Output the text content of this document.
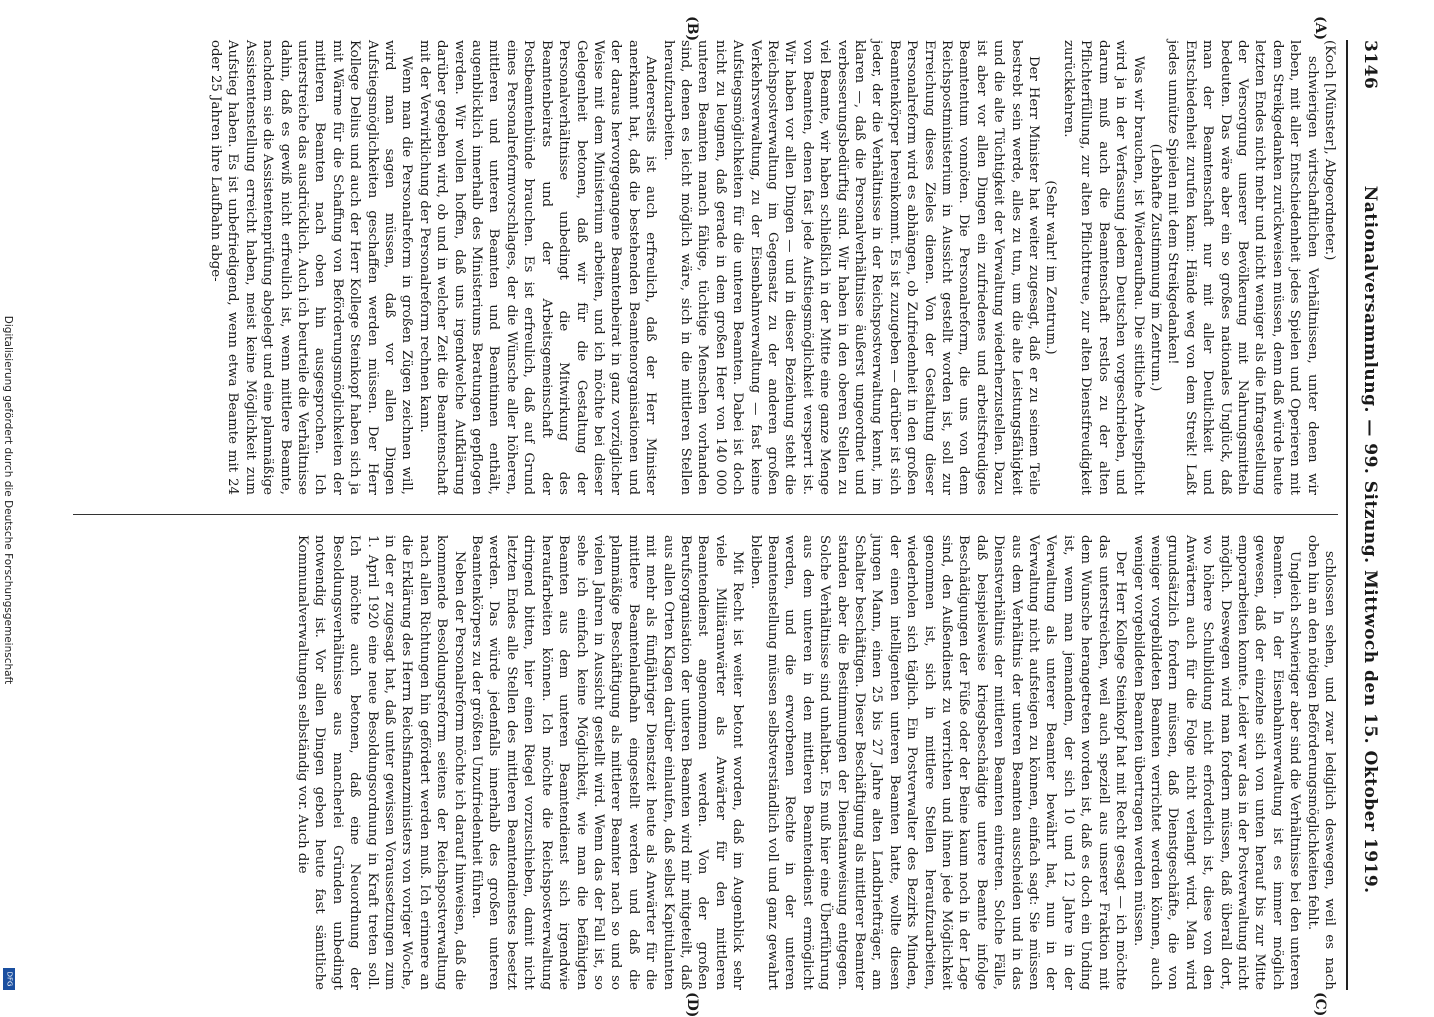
3146
Nationalversammlung. — 99. Sitzung. Mittwoch den 15. Oktober 1919.

(Koch [Münster], Abgeordneter.)

schwierigen wirtschaftlichen Verhältnissen, unter denen wir leben, mit aller Entschiedenheit jedes Spielen und Operieren mit dem Streikgedanken zurückweisen müssen, denn daß würde heute letzten Endes nicht mehr und nicht weniger als die Infragestellung der Versorgung unserer Bevölkerung mit Nahrungsmitteln bedeuten. Das wäre aber ein so großes nationales Unglück, daß man der Beamtenschaft nur mit aller Deutlichkeit und Entschiedenheit zurufen kann: Hände weg von dem Streik! Laßt jedes unnütze Spielen mit dem Streikgedanken!

(Lebhafte Zustimmung im Zentrum.)

Was wir brauchen, ist Wiederaufbau. Die sittliche Arbeitspflicht wird ja in der Verfassung jedem Deutschen vorgeschrieben, und darum muß auch die Beamtenschaft restlos zu der alten Pflichterfüllung, zur alten Pflichttreue, zur alten Dienstfreudigkeit zurückkehren.

(Sehr wahr! im Zentrum.)

Der Herr Minister hat weiter zugesagt, daß er zu seinem Teile bestrebt sein werde, alles zu tun, um die alte Leistungsfähigkeit und die alte Tüchtigkeit der Verwaltung wiederherzustellen. Dazu ist aber vor allen Dingen ein zufriedenes und arbeitsfreudiges Beamtentum vonnöten. Die Personalreform, die uns von dem Reichspostministerium in Aussicht gestellt worden ist, soll zur Erreichung dieses Zieles dienen. Von der Gestaltung dieser Personalreform wird es abhängen, ob Zufriedenheit in den großen Beamtenkörper hereinkommt. Es ist zuzugeben — darüber ist sich jeder, der die Verhältnisse in der Reichspostverwaltung kennt, im klaren —, daß die Personalverhältnisse äußerst ungeordnet und verbesserungsbedürftig sind. Wir haben in den oberen Stellen zu viel Beamte, wir haben schließlich in der Mitte eine ganze Menge von Beamten, denen fast jede Aufstiegsmöglichkeit versperrt ist. Wir haben vor allen Dingen — und in dieser Beziehung steht die Reichspostverwaltung im Gegensatz zu der anderen großen Verkehrsverwaltung, zu der Eisenbahnverwaltung — fast keine Aufstiegsmöglichkeiten für die unteren Beamten. Dabei ist doch nicht zu leugnen, daß gerade in dem großen Heer von 140 000 unteren Beamten manch fähige, tüchtige Menschen vorhanden sind, denen es leicht möglich wäre, sich in die mittleren Stellen heraufzuarbeiten.

Andererseits ist auch erfreulich, daß der Herr Minister anerkannt hat, daß die bestehenden Beamtenorganisationen und der daraus hervorgegangene Beamtenbeirat in ganz vorzüglicher Weise mit dem Ministerium arbeiten, und ich möchte bei dieser Gelegenheit betonen, daß wir für die Gestaltung der Personalverhältnisse unbedingt die Mitwirkung des Beamtenbeirats und der Arbeitsgemeinschaft der Postbeamtenbünde brauchen. Es ist erfreulich, daß auf Grund eines Personalreformvorschlages, der die Wünsche aller höheren, mittleren und unteren Beamten und Beamtinnen enthält, augenblicklich innerhalb des Ministeriums Beratungen gepflogen werden. Wir wollen hoffen, daß uns irgendwelche Aufklärung darüber gegeben wird, ob und in welcher Zeit die Beamtenschaft mit der Verwirklichung der Personalreform rechnen kann.

Wenn man die Personalreform in großen Zügen zeichnen will, wird man sagen müssen, daß vor allen Dingen Aufstiegsmöglichkeiten geschaffen werden müssen. Der Herr Kollege Delius und auch der Herr Kollege Steinkopf haben sich ja mit Wärme für die Schaffung von Beförderungsmöglichkeiten der mittleren Beamten nach oben hin ausgesprochen. Ich unterstreiche das ausdrücklich. Auch ich beurteile die Verhältnisse dahin, daß es gewiß nicht erfreulich ist, wenn mittlere Beamte, nachdem sie die Assistentenprüfung abgelegt und eine planmäßige Assistentenstellung erreicht haben, meist keine Möglichkeit zum Aufstieg haben. Es ist unbefriedigend, wenn etwa Beamte mit 24 oder 25 Jahren ihre Laufbahn abge-

schlossen sehen, und zwar lediglich deswegen, weil es nach oben hin an den nötigen Beförderungsmöglichkeiten fehlt.

Ungleich schwieriger aber sind die Verhältnisse bei den unteren Beamten. In der Eisenbahnverwaltung ist es immer möglich gewesen, daß der einzelne sich von unten herauf bis zur Mitte emporarbeiten konnte. Leider war das in der Postverwaltung nicht möglich. Deswegen wird man fordern müssen, daß überall dort, wo höhere Schulbildung nicht erforderlich ist, diese von den Anwärtern auch für die Folge nicht verlangt wird. Man wird grundsätzlich fordern müssen, daß Dienstgeschäfte, die von weniger vorgebildeten Beamten verrichtet werden können, auch weniger vorgebildeten Beamten übertragen werden müssen.

Der Herr Kollege Steinkopf hat mit Recht gesagt — ich möchte das unterstreichen, weil auch speziell aus unserer Fraktion mit dem Wunsche herangetreten worden ist, daß es doch ein Unding ist, wenn man jemandem, der sich 10 und 12 Jahre in der Verwaltung als unterer Beamter bewährt hat, nun in der Verwaltung nicht aufsteigen zu können, einfach sagt: Sie müssen aus dem Verhältnis der unteren Beamten ausscheiden und in das Dienstverhältnis der mittleren Beamten eintreten. Solche Fälle, daß beispielsweise kriegsbeschädigte untere Beamte infolge Beschädigungen der Füße oder der Beine kaum noch in der Lage sind, den Außendienst zu verrichten und ihnen jede Möglichkeit genommen ist, sich in mittlere Stellen heraufzuarbeiten, wiederholen sich täglich. Ein Postverwalter des Bezirks Minden, der einen intelligenten unteren Beamten hatte, wollte diesen jungen Mann, einen 25 bis 27 Jahre alten Landbriefträger, am Schalter beschäftigen. Dieser Beschäftigung als mittlerer Beamter standen aber die Bestimmungen der Dienstanweisung entgegen. Solche Verhältnisse sind unhaltbar. Es muß hier eine Überführung aus dem unteren in den mittleren Beamtendienst ermöglicht werden, und die erworbenen Rechte in der unteren Beamtenstellung müssen selbstverständlich voll und ganz gewahrt bleiben.

Mit Recht ist weiter betont worden, daß im Augenblick sehr viele Militäranwärter als Anwärter für den mittleren Beamtendienst angenommen werden. Von der großen Berufsorganisation der unteren Beamten wird mir mitgeteilt, daß aus allen Orten Klagen darüber einlaufen, daß selbst Kapitulanten mit mehr als fünfjähriger Dienstzeit heute als Anwärter für die mittlere Beamtenlaufbahn eingestellt werden und daß die planmäßige Beschäftigung als mittlerer Beamter nach so und so vielen Jahren in Aussicht gestellt wird. Wenn das der Fall ist, so sehe ich einfach keine Möglichkeit, wie man die befähigten Beamten aus dem unteren Beamtendienst sich irgendwie heraufarbeiten können. Ich möchte die Reichspostverwaltung dringend bitten, hier einen Riegel vorzuschieben, damit nicht letzten Endes alle Stellen des mittleren Beamtendienstes besetzt werden. Das würde jedenfalls innerhalb des großen unteren Beamtenkörpers zu der größten Unzufriedenheit führen.

Neben der Personalreform möchte ich darauf hinweisen, daß die kommende Besoldungsreform seitens der Reichspostverwaltung nach allen Richtungen hin gefördert werden muß. Ich erinnere an die Erklärung des Herrn Reichsfinanzministers von voriger Woche, in der er zugesagt hat, daß unter gewissen Voraussetzungen zum 1. April 1920 eine neue Besoldungsordnung in Kraft treten soll. Ich möchte auch betonen, daß eine Neuordnung der Besoldungsverhältnisse aus mancherlei Gründen unbedingt notwendig ist. Vor allen Dingen geben heute fast sämtliche Kommunalverwaltungen selbständig vor. Auch die

(A)
(B)
(C)
(D)
Digitalisierung gefördert durch die Deutsche Forschungsgemeinschaft
DFG
